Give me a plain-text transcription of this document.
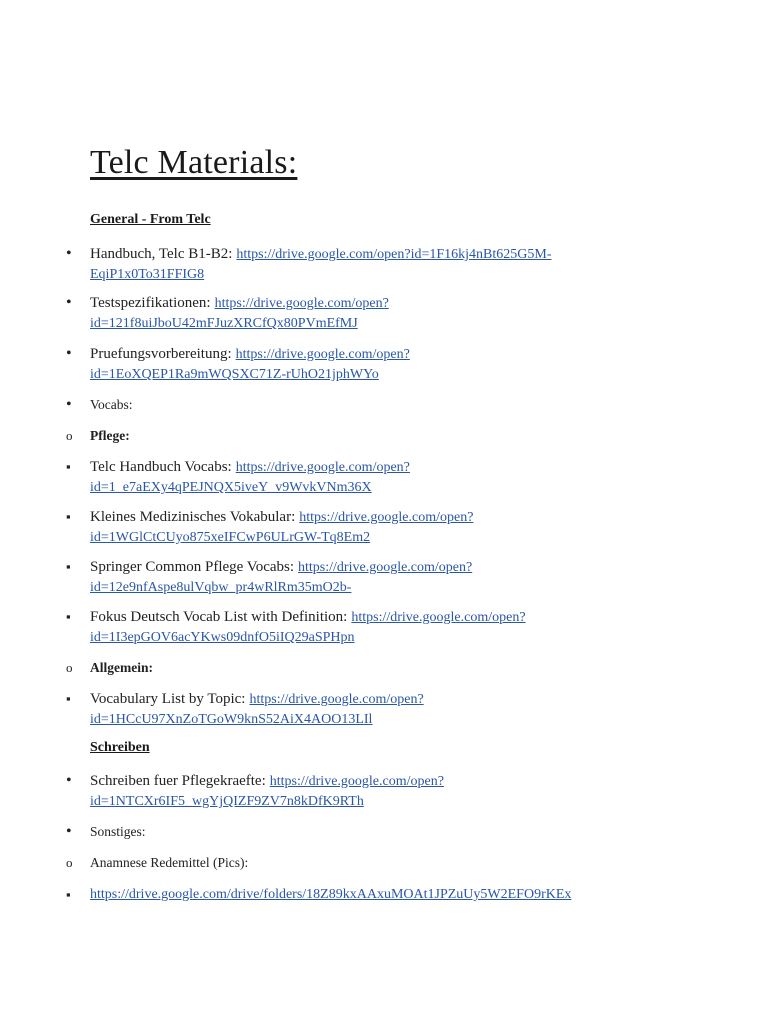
Telc Materials:
General - From Telc
•
Handbuch, Telc B1-B2: https://drive.google.com/open?id=1F16kj4nBt625G5M-
EqiP1x0To31FFIG8
•
Testspezifikationen: https://drive.google.com/open?
id=121f8uiJboU42mFJuzXRCfQx80PVmEfMJ
•
Pruefungsvorbereitung: https://drive.google.com/open?
id=1EoXQEP1Ra9mWQSXC71Z-rUhO21jphWYo
•
Vocabs:
o
Pflege:
▪
Telc Handbuch Vocabs: https://drive.google.com/open?
id=1_e7aEXy4qPEJNQX5iveY_v9WvkVNm36X
▪
Kleines Medizinisches Vokabular: https://drive.google.com/open?
id=1WGlCtCUyo875xeIFCwP6ULrGW-Tq8Em2
▪
Springer Common Pflege Vocabs: https://drive.google.com/open?
id=12e9nfAspe8ulVqbw_pr4wRlRm35mO2b-
▪
Fokus Deutsch Vocab List with Definition: https://drive.google.com/open?
id=1I3epGOV6acYKws09dnfO5iIQ29aSPHpn
o
Allgemein:
▪
Vocabulary List by Topic: https://drive.google.com/open?
id=1HCcU97XnZoTGoW9knS52AiX4AOO13LIl
Schreiben
•
Schreiben fuer Pflegekraefte: https://drive.google.com/open?
id=1NTCXr6IF5_wgYjQIZF9ZV7n8kDfK9RTh
•
Sonstiges:
o
Anamnese Redemittel (Pics):
▪
https://drive.google.com/drive/folders/18Z89kxAAxuMOAt1JPZuUy5W2EFO9rKEx
